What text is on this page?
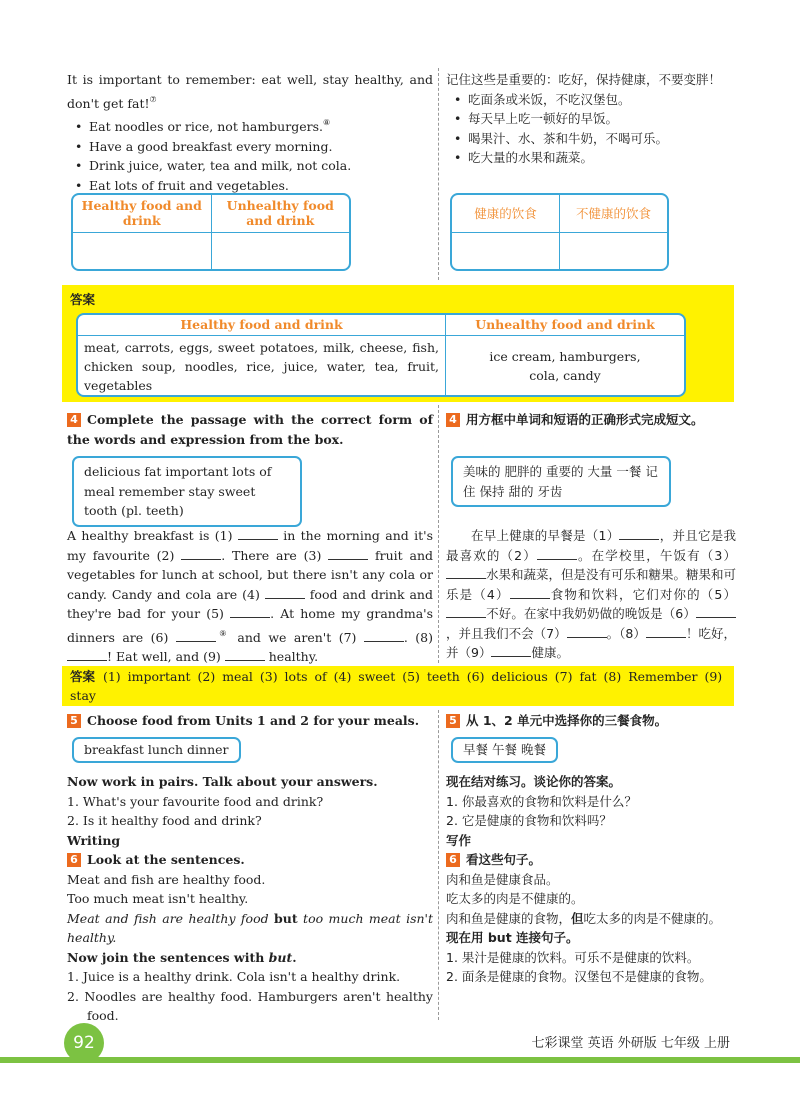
It is important to remember: eat well, stay healthy, and don't get fat!⑦

• Eat noodles or rice, not hamburgers.⑧

• Have a good breakfast every morning.

• Drink juice, water, tea and milk, not cola.

• Eat lots of fruit and vegetables.

Healthy food and drink	Unhealthy food and drink

记住这些是重要的：吃好，保持健康，不要变胖！

• 吃面条或米饭，不吃汉堡包。

• 每天早上吃一顿好的早饭。

• 喝果汁、水、茶和牛奶，不喝可乐。

• 吃大量的水果和蔬菜。

健康的饮食	不健康的饮食

答案
Healthy food and drink	Unhealthy food and drink
meat, carrots, eggs, sweet potatoes, milk, cheese, fish, chicken soup, noodles, rice, juice, water, tea, fruit, vegetables	ice cream, hamburgers, cola, candy
4 Complete the passage with the correct form of the words and expression from the box.
delicious fat important lots of meal remember stay sweet tooth (pl. teeth)

A healthy breakfast is (1)	in the morning and it's my favourite (2)	. There are (3)	fruit and vegetables for lunch at school, but there isn't any cola or candy. Candy and cola are (4)	food and drink and they're bad for your (5)	. At home my grandma's dinners are (6)	⑨ and we aren't (7)	. (8) ! Eat well, and (9)	healthy.

4 用方框中单词和短语的正确形式完成短文。
美味的 肥胖的 重要的 大量 一餐 记住 保持 甜的 牙齿

在早上健康的早餐是（1）	，并且它是我最喜欢的（2）	。在学校里，午饭有（3）水果和蔬菜，但是没有可乐和糖果。糖果和可乐是（4）	食物和饮料，它们对你的（5）不好。在家中我奶奶做的晚饭是（6），并且我们不会（7）	。（8）	！吃好，并（9）	健康。

答案 (1) important (2) meal (3) lots of (4) sweet (5) teeth (6) delicious (7) fat (8) Remember (9) stay
5 Choose food from Units 1 and 2 for your meals.
breakfast lunch dinner

Now work in pairs. Talk about your answers.

1. What's your favourite food and drink?

2. Is it healthy food and drink?

Writing

6 Look at the sentences.

Meat and fish are healthy food.

Too much meat isn't healthy.

Meat and fish are healthy food but too much meat isn't healthy.

Now join the sentences with but.

1. Juice is a healthy drink. Cola isn't a healthy drink.

2. Noodles are healthy food. Hamburgers aren't healthy food.

5 从 1、2 单元中选择你的三餐食物。
早餐 午餐 晚餐

现在结对练习。谈论你的答案。

1. 你最喜欢的食物和饮料是什么？

2. 它是健康的食物和饮料吗？

写作

6 看这些句子。

肉和鱼是健康食品。

吃太多的肉是不健康的。

肉和鱼是健康的食物，但吃太多的肉是不健康的。

现在用 but 连接句子。

1. 果汁是健康的饮料。可乐不是健康的饮料。

2. 面条是健康的食物。汉堡包不是健康的食物。

92	七彩课堂 英语 外研版 七年级 上册
